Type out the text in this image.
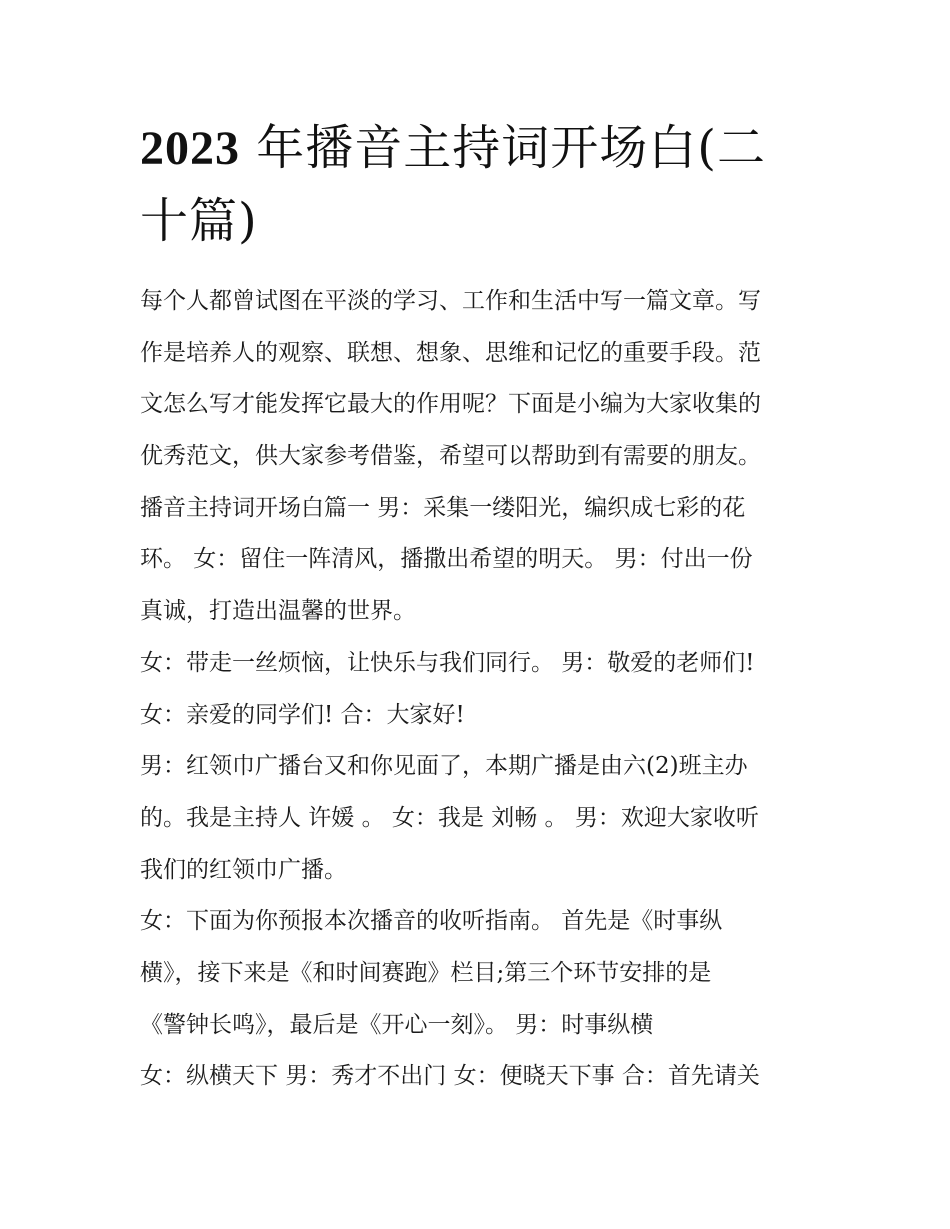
2023 年播音主持词开场白(二十篇)
每个人都曾试图在平淡的学习、工作和生活中写一篇文章。写
作是培养人的观察、联想、想象、思维和记忆的重要手段。范
文怎么写才能发挥它最大的作用呢？下面是小编为大家收集的
优秀范文，供大家参考借鉴，希望可以帮助到有需要的朋友。
播音主持词开场白篇一 男：采集一缕阳光，编织成七彩的花
环。 女：留住一阵清风，播撒出希望的明天。 男：付出一份
真诚，打造出温馨的世界。
女：带走一丝烦恼，让快乐与我们同行。 男：敬爱的老师们!
女：亲爱的同学们! 合：大家好!
男：红领巾广播台又和你见面了，本期广播是由六(2)班主办
的。我是主持人 许媛 。 女：我是 刘畅 。 男：欢迎大家收听
我们的红领巾广播。
女：下面为你预报本次播音的收听指南。 首先是《时事纵
横》，接下来是《和时间赛跑》栏目;第三个环节安排的是
《警钟长鸣》，最后是《开心一刻》。 男：时事纵横
女：纵横天下 男：秀才不出门 女：便晓天下事 合：首先请关
